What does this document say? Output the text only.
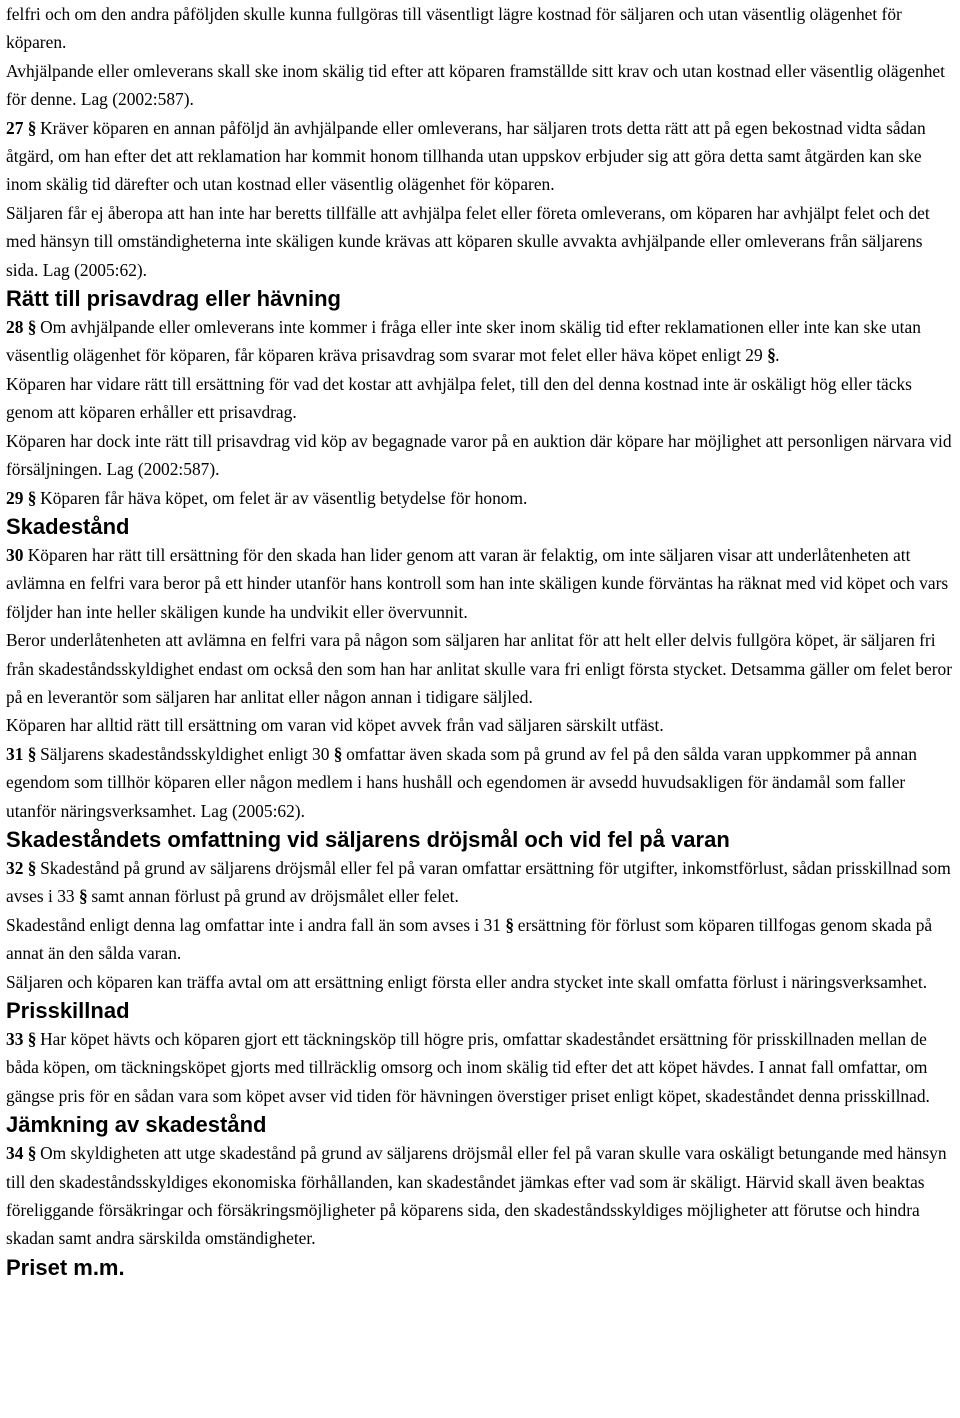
felfri och om den andra påföljden skulle kunna fullgöras till väsentligt lägre kostnad för säljaren och utan väsentlig olägenhet för köparen.

Avhjälpande eller omleverans skall ske inom skälig tid efter att köparen framställde sitt krav och utan kostnad eller väsentlig olägenhet för denne. Lag (2002:587).

27 § Kräver köparen en annan påföljd än avhjälpande eller omleverans, har säljaren trots detta rätt att på egen bekostnad vidta sådan åtgärd, om han efter det att reklamation har kommit honom tillhanda utan uppskov erbjuder sig att göra detta samt åtgärden kan ske inom skälig tid därefter och utan kostnad eller väsentlig olägenhet för köparen.

Säljaren får ej åberopa att han inte har beretts tillfälle att avhjälpa felet eller företa omleverans, om köparen har avhjälpt felet och det med hänsyn till omständigheterna inte skäligen kunde krävas att köparen skulle avvakta avhjälpande eller omleverans från säljarens sida. Lag (2005:62).

Rätt till prisavdrag eller hävning

28 § Om avhjälpande eller omleverans inte kommer i fråga eller inte sker inom skälig tid efter reklamationen eller inte kan ske utan väsentlig olägenhet för köparen, får köparen kräva prisavdrag som svarar mot felet eller häva köpet enligt 29 §.

Köparen har vidare rätt till ersättning för vad det kostar att avhjälpa felet, till den del denna kostnad inte är oskäligt hög eller täcks genom att köparen erhåller ett prisavdrag.

Köparen har dock inte rätt till prisavdrag vid köp av begagnade varor på en auktion där köpare har möjlighet att personligen närvara vid försäljningen. Lag (2002:587).

29 § Köparen får häva köpet, om felet är av väsentlig betydelse för honom.

Skadestånd

30 Köparen har rätt till ersättning för den skada han lider genom att varan är felaktig, om inte säljaren visar att underlåtenheten att avlämna en felfri vara beror på ett hinder utanför hans kontroll som han inte skäligen kunde förväntas ha räknat med vid köpet och vars följder han inte heller skäligen kunde ha undvikit eller övervunnit.

Beror underlåtenheten att avlämna en felfri vara på någon som säljaren har anlitat för att helt eller delvis fullgöra köpet, är säljaren fri från skadeståndsskyldighet endast om också den som han har anlitat skulle vara fri enligt första stycket. Detsamma gäller om felet beror på en leverantör som säljaren har anlitat eller någon annan i tidigare säljled.

Köparen har alltid rätt till ersättning om varan vid köpet avvek från vad säljaren särskilt utfäst.

31 § Säljarens skadeståndsskyldighet enligt 30 § omfattar även skada som på grund av fel på den sålda varan uppkommer på annan egendom som tillhör köparen eller någon medlem i hans hushåll och egendomen är avsedd huvudsakligen för ändamål som faller utanför näringsverksamhet. Lag (2005:62).

Skadeståndets omfattning vid säljarens dröjsmål och vid fel på varan

32 § Skadestånd på grund av säljarens dröjsmål eller fel på varan omfattar ersättning för utgifter, inkomstförlust, sådan prisskillnad som avses i 33 § samt annan förlust på grund av dröjsmålet eller felet.

Skadestånd enligt denna lag omfattar inte i andra fall än som avses i 31 § ersättning för förlust som köparen tillfogas genom skada på annat än den sålda varan.

Säljaren och köparen kan träffa avtal om att ersättning enligt första eller andra stycket inte skall omfatta förlust i näringsverksamhet.

Prisskillnad

33 § Har köpet hävts och köparen gjort ett täckningsköp till högre pris, omfattar skadeståndet ersättning för prisskillnaden mellan de båda köpen, om täckningsköpet gjorts med tillräcklig omsorg och inom skälig tid efter det att köpet hävdes. I annat fall omfattar, om gängse pris för en sådan vara som köpet avser vid tiden för hävningen överstiger priset enligt köpet, skadeståndet denna prisskillnad.

Jämkning av skadestånd

34 § Om skyldigheten att utge skadestånd på grund av säljarens dröjsmål eller fel på varan skulle vara oskäligt betungande med hänsyn till den skadeståndsskyldiges ekonomiska förhållanden, kan skadeståndet jämkas efter vad som är skäligt. Härvid skall även beaktas föreliggande försäkringar och försäkringsmöjligheter på köparens sida, den skadeståndsskyldiges möjligheter att förutse och hindra skadan samt andra särskilda omständigheter.

Priset m.m.
